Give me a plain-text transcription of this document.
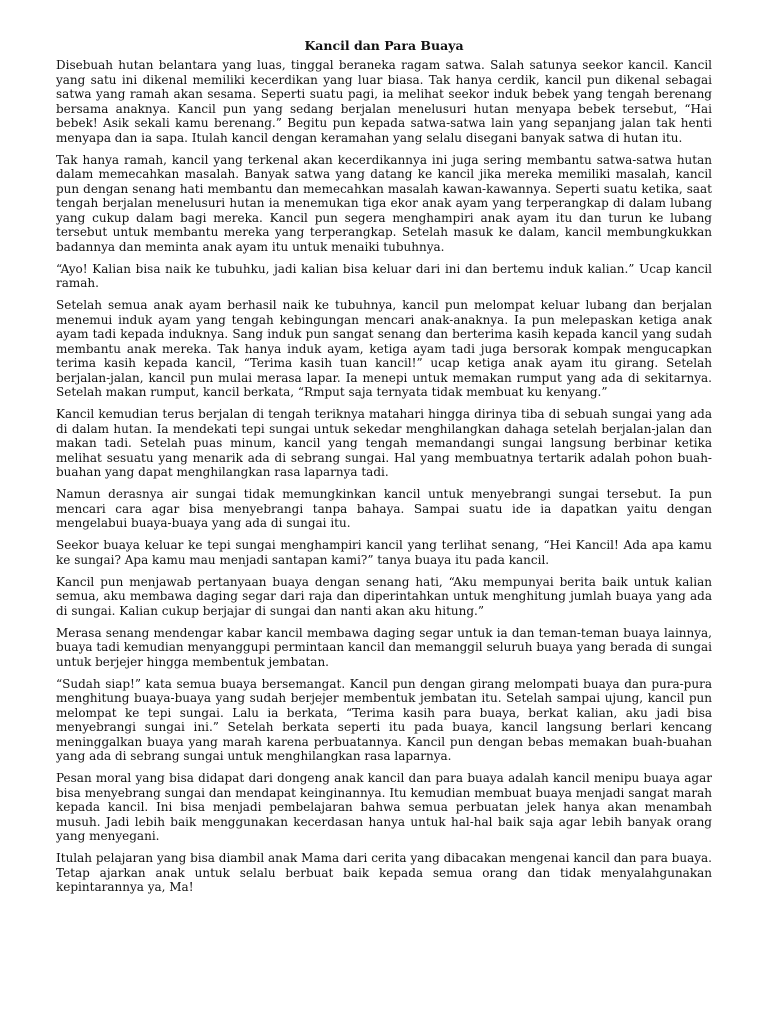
Kancil dan Para Buaya

Disebuah hutan belantara yang luas, tinggal beraneka ragam satwa. Salah satunya seekor kancil. Kancil yang satu ini dikenal memiliki kecerdikan yang luar biasa. Tak hanya cerdik, kancil pun dikenal sebagai satwa yang ramah akan sesama. Seperti suatu pagi, ia melihat seekor induk bebek yang tengah berenang bersama anaknya. Kancil pun yang sedang berjalan menelusuri hutan menyapa bebek tersebut, “Hai bebek! Asik sekali kamu berenang.” Begitu pun kepada satwa-satwa lain yang sepanjang jalan tak henti menyapa dan ia sapa. Itulah kancil dengan keramahan yang selalu disegani banyak satwa di hutan itu.

Tak hanya ramah, kancil yang terkenal akan kecerdikannya ini juga sering membantu satwa-satwa hutan dalam memecahkan masalah. Banyak satwa yang datang ke kancil jika mereka memiliki masalah, kancil pun dengan senang hati membantu dan memecahkan masalah kawan-kawannya. Seperti suatu ketika, saat tengah berjalan menelusuri hutan ia menemukan tiga ekor anak ayam yang terperangkap di dalam lubang yang cukup dalam bagi mereka. Kancil pun segera menghampiri anak ayam itu dan turun ke lubang tersebut untuk membantu mereka yang terperangkap. Setelah masuk ke dalam, kancil membungkukkan badannya dan meminta anak ayam itu untuk menaiki tubuhnya.

“Ayo! Kalian bisa naik ke tubuhku, jadi kalian bisa keluar dari ini dan bertemu induk kalian.” Ucap kancil ramah.

Setelah semua anak ayam berhasil naik ke tubuhnya, kancil pun melompat keluar lubang dan berjalan menemui induk ayam yang tengah kebingungan mencari anak-anaknya. Ia pun melepaskan ketiga anak ayam tadi kepada induknya. Sang induk pun sangat senang dan berterima kasih kepada kancil yang sudah membantu anak mereka. Tak hanya induk ayam, ketiga ayam tadi juga bersorak kompak mengucapkan terima kasih kepada kancil, “Terima kasih tuan kancil!” ucap ketiga anak ayam itu girang. Setelah berjalan-jalan, kancil pun mulai merasa lapar. Ia menepi untuk memakan rumput yang ada di sekitarnya. Setelah makan rumput, kancil berkata, “Rmput saja ternyata tidak membuat ku kenyang.”

Kancil kemudian terus berjalan di tengah teriknya matahari hingga dirinya tiba di sebuah sungai yang ada di dalam hutan. Ia mendekati tepi sungai untuk sekedar menghilangkan dahaga setelah berjalan-jalan dan makan tadi. Setelah puas minum, kancil yang tengah memandangi sungai langsung berbinar ketika melihat sesuatu yang menarik ada di sebrang sungai. Hal yang membuatnya tertarik adalah pohon buah-buahan yang dapat menghilangkan rasa laparnya tadi.

Namun derasnya air sungai tidak memungkinkan kancil untuk menyebrangi sungai tersebut. Ia pun mencari cara agar bisa menyebrangi tanpa bahaya. Sampai suatu ide ia dapatkan yaitu dengan mengelabui buaya-buaya yang ada di sungai itu.

Seekor buaya keluar ke tepi sungai menghampiri kancil yang terlihat senang, “Hei Kancil! Ada apa kamu ke sungai? Apa kamu mau menjadi santapan kami?” tanya buaya itu pada kancil.

Kancil pun menjawab pertanyaan buaya dengan senang hati, “Aku mempunyai berita baik untuk kalian semua, aku membawa daging segar dari raja dan diperintahkan untuk menghitung jumlah buaya yang ada di sungai. Kalian cukup berjajar di sungai dan nanti akan aku hitung.”

Merasa senang mendengar kabar kancil membawa daging segar untuk ia dan teman-teman buaya lainnya, buaya tadi kemudian menyanggupi permintaan kancil dan memanggil seluruh buaya yang berada di sungai untuk berjejer hingga membentuk jembatan.

“Sudah siap!” kata semua buaya bersemangat. Kancil pun dengan girang melompati buaya dan pura-pura menghitung buaya-buaya yang sudah berjejer membentuk jembatan itu. Setelah sampai ujung, kancil pun melompat ke tepi sungai. Lalu ia berkata, “Terima kasih para buaya, berkat kalian, aku jadi bisa menyebrangi sungai ini.” Setelah berkata seperti itu pada buaya, kancil langsung berlari kencang meninggalkan buaya yang marah karena perbuatannya. Kancil pun dengan bebas memakan buah-buahan yang ada di sebrang sungai untuk menghilangkan rasa laparnya.

Pesan moral yang bisa didapat dari dongeng anak kancil dan para buaya adalah kancil menipu buaya agar bisa menyebrang sungai dan mendapat keinginannya. Itu kemudian membuat buaya menjadi sangat marah kepada kancil. Ini bisa menjadi pembelajaran bahwa semua perbuatan jelek hanya akan menambah musuh. Jadi lebih baik menggunakan kecerdasan hanya untuk hal-hal baik saja agar lebih banyak orang yang menyegani.

Itulah pelajaran yang bisa diambil anak Mama dari cerita yang dibacakan mengenai kancil dan para buaya. Tetap ajarkan anak untuk selalu berbuat baik kepada semua orang dan tidak menyalahgunakan kepintarannya ya, Ma!
